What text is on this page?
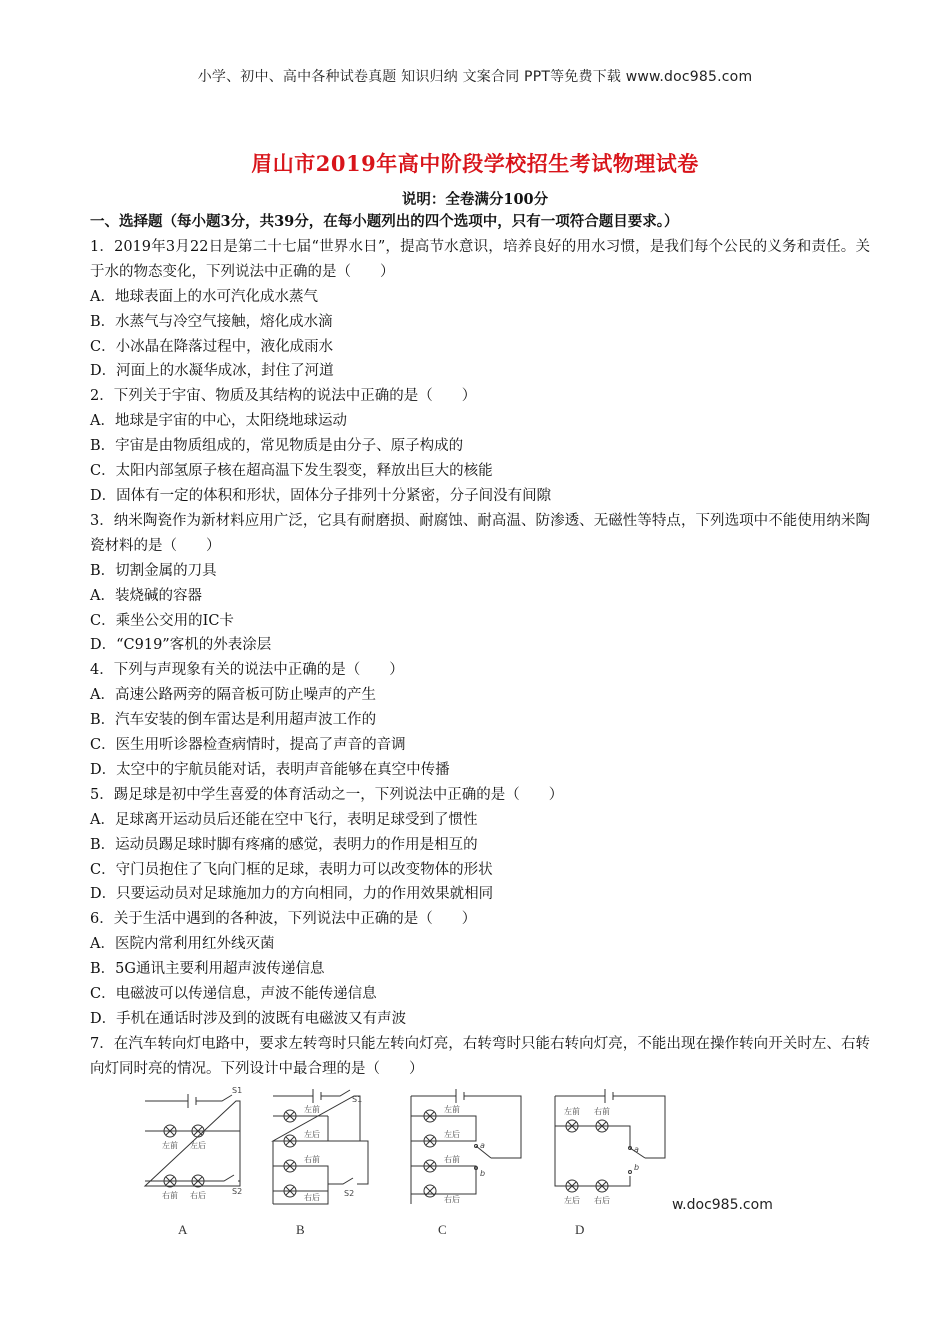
小学、初中、高中各种试卷真题 知识归纳 文案合同 PPT等免费下载 www.doc985.com
眉山市2019年高中阶段学校招生考试物理试卷
说明：全卷满分100分
一、选择题（每小题3分，共39分，在每小题列出的四个选项中，只有一项符合题目要求。）
1．2019年3月22日是第二十七届“世界水日”，提高节水意识，培养良好的用水习惯，是我们每个公民的义务和责任。关于水的物态变化，下列说法中正确的是（　　）
A．地球表面上的水可汽化成水蒸气
B．水蒸气与冷空气接触，熔化成水滴
C．小冰晶在降落过程中，液化成雨水
D．河面上的水凝华成冰，封住了河道
2．下列关于宇宙、物质及其结构的说法中正确的是（　　）
A．地球是宇宙的中心，太阳绕地球运动
B．宇宙是由物质组成的，常见物质是由分子、原子构成的
C．太阳内部氢原子核在超高温下发生裂变，释放出巨大的核能
D．固体有一定的体积和形状，固体分子排列十分紧密，分子间没有间隙
3．纳米陶瓷作为新材料应用广泛，它具有耐磨损、耐腐蚀、耐高温、防渗透、无磁性等特点，下列选项中不能使用纳米陶瓷材料的是（　　）
B．切割金属的刀具
A．装烧碱的容器
C．乘坐公交用的IC卡
D．“C919”客机的外表涂层
4．下列与声现象有关的说法中正确的是（　　）
A．高速公路两旁的隔音板可防止噪声的产生
B．汽车安装的倒车雷达是利用超声波工作的
C．医生用听诊器检查病情时，提高了声音的音调
D．太空中的宇航员能对话，表明声音能够在真空中传播
5．踢足球是初中学生喜爱的体育活动之一，下列说法中正确的是（　　）
A．足球离开运动员后还能在空中飞行，表明足球受到了惯性
B．运动员踢足球时脚有疼痛的感觉，表明力的作用是相互的
C．守门员抱住了飞向门框的足球，表明力可以改变物体的形状
D．只要运动员对足球施加力的方向相同，力的作用效果就相同
6．关于生活中遇到的各种波，下列说法中正确的是（　　）
A．医院内常利用红外线灭菌
B．5G通讯主要利用超声波传递信息
C．电磁波可以传递信息，声波不能传递信息
D．手机在通话时涉及到的波既有电磁波又有声波
7．在汽车转向灯电路中，要求左转弯时只能左转向灯亮，右转弯时只能右转向灯亮，不能出现在操作转向开关时左、右转向灯同时亮的情况。下列设计中最合理的是（　　）
左前 左后
右前 右后
S1
S2
左前
左后
右前
右后
S1
S2
左前
左后
右前
右后
a
b
左前 右前
左后 右后
a
b
A	B	C	D
w.doc985.com
